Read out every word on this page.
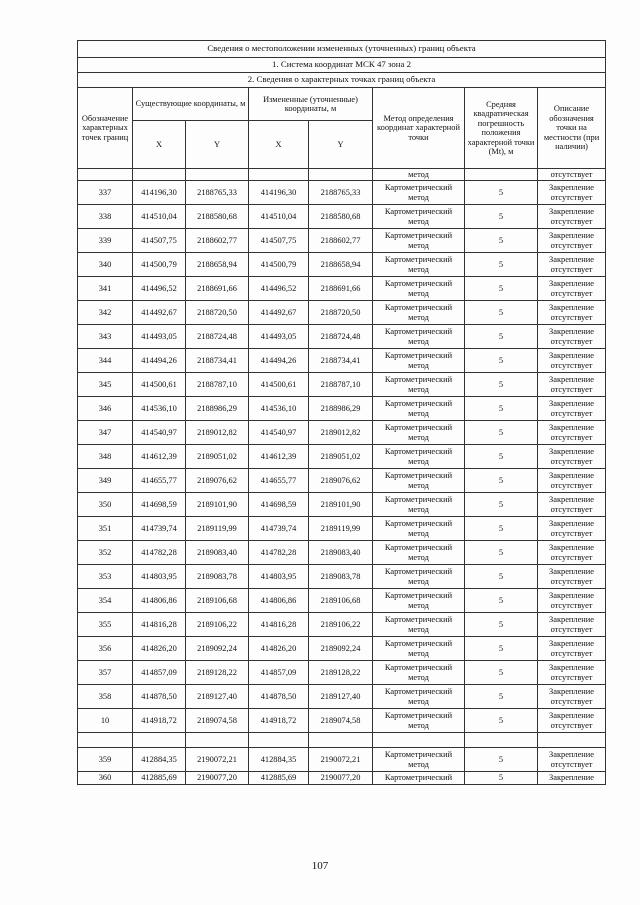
Сведения о местоположении измененных (уточненных) границ объекта							
1. Система координат МСК 47 зона 2							
2. Сведения о характерных точках границ объекта							
Обозначение характерных точек границ	Существующие координаты, м		Измененные (уточненные) координаты, м		Метод определения координат характерной точки	Средняя квадратическая погрешность положения характерной точки (Mt), м	Описание обозначения точки на местности (при наличии)
	X	Y	X	Y			
					метод		отсутствует
337	414196,30	2188765,33	414196,30	2188765,33	Картометрический метод	5	Закрепление отсутствует
338	414510,04	2188580,68	414510,04	2188580,68	Картометрический метод	5	Закрепление отсутствует
339	414507,75	2188602,77	414507,75	2188602,77	Картометрический метод	5	Закрепление отсутствует
340	414500,79	2188658,94	414500,79	2188658,94	Картометрический метод	5	Закрепление отсутствует
341	414496,52	2188691,66	414496,52	2188691,66	Картометрический метод	5	Закрепление отсутствует
342	414492,67	2188720,50	414492,67	2188720,50	Картометрический метод	5	Закрепление отсутствует
343	414493,05	2188724,48	414493,05	2188724,48	Картометрический метод	5	Закрепление отсутствует
344	414494,26	2188734,41	414494,26	2188734,41	Картометрический метод	5	Закрепление отсутствует
345	414500,61	2188787,10	414500,61	2188787,10	Картометрический метод	5	Закрепление отсутствует
346	414536,10	2188986,29	414536,10	2188986,29	Картометрический метод	5	Закрепление отсутствует
347	414540,97	2189012,82	414540,97	2189012,82	Картометрический метод	5	Закрепление отсутствует
348	414612,39	2189051,02	414612,39	2189051,02	Картометрический метод	5	Закрепление отсутствует
349	414655,77	2189076,62	414655,77	2189076,62	Картометрический метод	5	Закрепление отсутствует
350	414698,59	2189101,90	414698,59	2189101,90	Картометрический метод	5	Закрепление отсутствует
351	414739,74	2189119,99	414739,74	2189119,99	Картометрический метод	5	Закрепление отсутствует
352	414782,28	2189083,40	414782,28	2189083,40	Картометрический метод	5	Закрепление отсутствует
353	414803,95	2189083,78	414803,95	2189083,78	Картометрический метод	5	Закрепление отсутствует
354	414806,86	2189106,68	414806,86	2189106,68	Картометрический метод	5	Закрепление отсутствует
355	414816,28	2189106,22	414816,28	2189106,22	Картометрический метод	5	Закрепление отсутствует
356	414826,20	2189092,24	414826,20	2189092,24	Картометрический метод	5	Закрепление отсутствует
357	414857,09	2189128,22	414857,09	2189128,22	Картометрический метод	5	Закрепление отсутствует
358	414878,50	2189127,40	414878,50	2189127,40	Картометрический метод	5	Закрепление отсутствует
10	414918,72	2189074,58	414918,72	2189074,58	Картометрический метод	5	Закрепление отсутствует

359	412884,35	2190072,21	412884,35	2190072,21	Картометрический метод	5	Закрепление отсутствует
360	412885,69	2190077,20	412885,69	2190077,20	Картометрический	5	Закрепление
107
